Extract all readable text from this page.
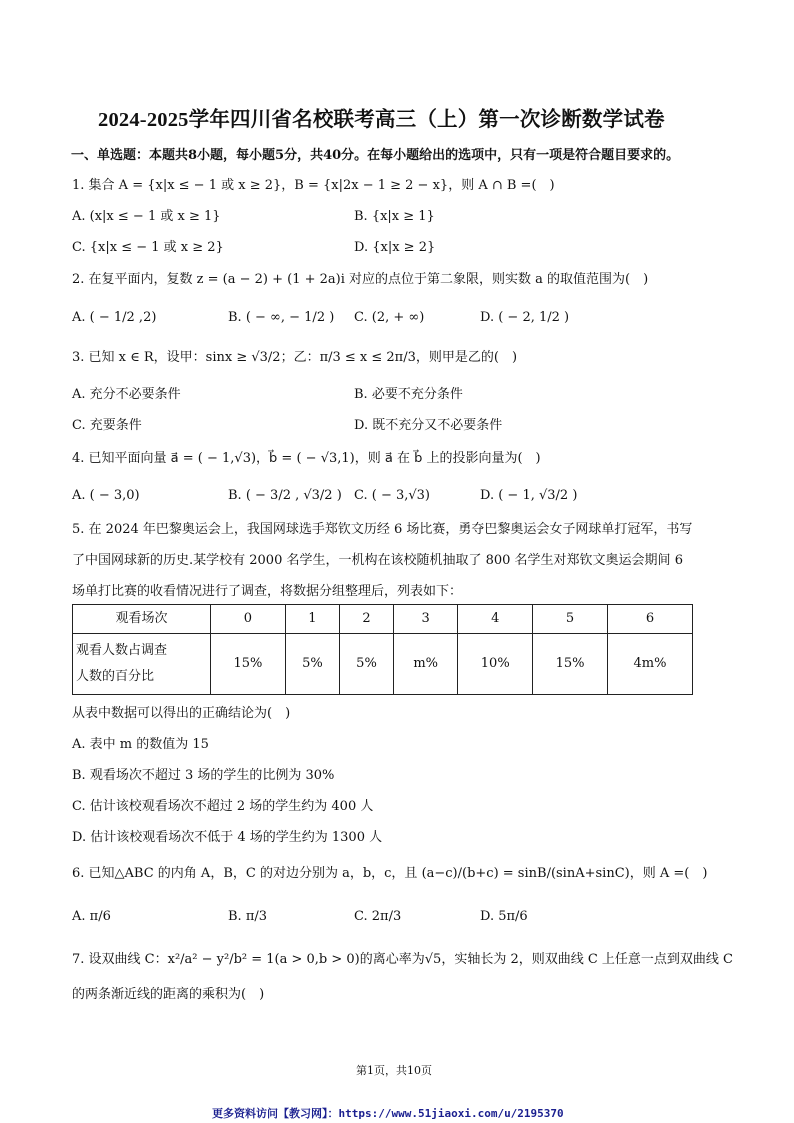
2024-2025学年四川省名校联考高三（上）第一次诊断数学试卷
一、单选题：本题共8小题，每小题5分，共40分。在每小题给出的选项中，只有一项是符合题目要求的。
1. 集合 A = {x|x ≤ − 1 或 x ≥ 2}，B = {x|2x − 1 ≥ 2 − x}，则 A ∩ B =(　)
A. (x|x ≤ − 1 或 x ≥ 1}	B. {x|x ≥ 1}
C. {x|x ≤ − 1 或 x ≥ 2}	D. {x|x ≥ 2}
2. 在复平面内，复数 z = (a − 2) + (1 + 2a)i 对应的点位于第二象限，则实数 a 的取值范围为(　)
A. ( − 1/2 ,2)	B. ( − ∞, − 1/2 ) C. (2, + ∞)	D. ( − 2, 1/2 )
3. 已知 x ∈ R，设甲：sinx ≥ √3/2；乙：π/3 ≤ x ≤ 2π/3，则甲是乙的(　)
A. 充分不必要条件	B. 必要不充分条件
C. 充要条件	D. 既不充分又不必要条件
4. 已知平面向量 a⃗ = ( − 1,√3)，b⃗ = ( − √3,1)，则 a⃗ 在 b⃗ 上的投影向量为(　)
A. ( − 3,0)	B. ( − 3/2 , √3/2 ) C. ( − 3,√3)	D. ( − 1, √3/2 )
5. 在 2024 年巴黎奥运会上，我国网球选手郑钦文历经 6 场比赛，勇夺巴黎奥运会女子网球单打冠军，书写
了中国网球新的历史.某学校有 2000 名学生，一机构在该校随机抽取了 800 名学生对郑钦文奥运会期间 6
场单打比赛的收看情况进行了调查，将数据分组整理后，列表如下：
观看场次	0	1	2	3	4	5	6

观看人数占调查
人数的百分比	15%	5%	5%	m%	10%	15%	4m%
从表中数据可以得出的正确结论为(　)
A. 表中 m 的数值为 15
B. 观看场次不超过 3 场的学生的比例为 30%
C. 估计该校观看场次不超过 2 场的学生约为 400 人
D. 估计该校观看场次不低于 4 场的学生约为 1300 人
6. 已知△ABC 的内角 A，B，C 的对边分别为 a，b，c，且 (a−c)/(b+c) = sinB/(sinA+sinC)，则 A =(　)
A. π/6	B. π/3	C. 2π/3	D. 5π/6
7. 设双曲线 C：x²/a² − y²/b² = 1(a > 0,b > 0)的离心率为√5，实轴长为 2，则双曲线 C 上任意一点到双曲线 C
的两条渐近线的距离的乘积为(　)
第1页，共10页
更多资料访问【教习网】：https://www.51jiaoxi.com/u/2195370
